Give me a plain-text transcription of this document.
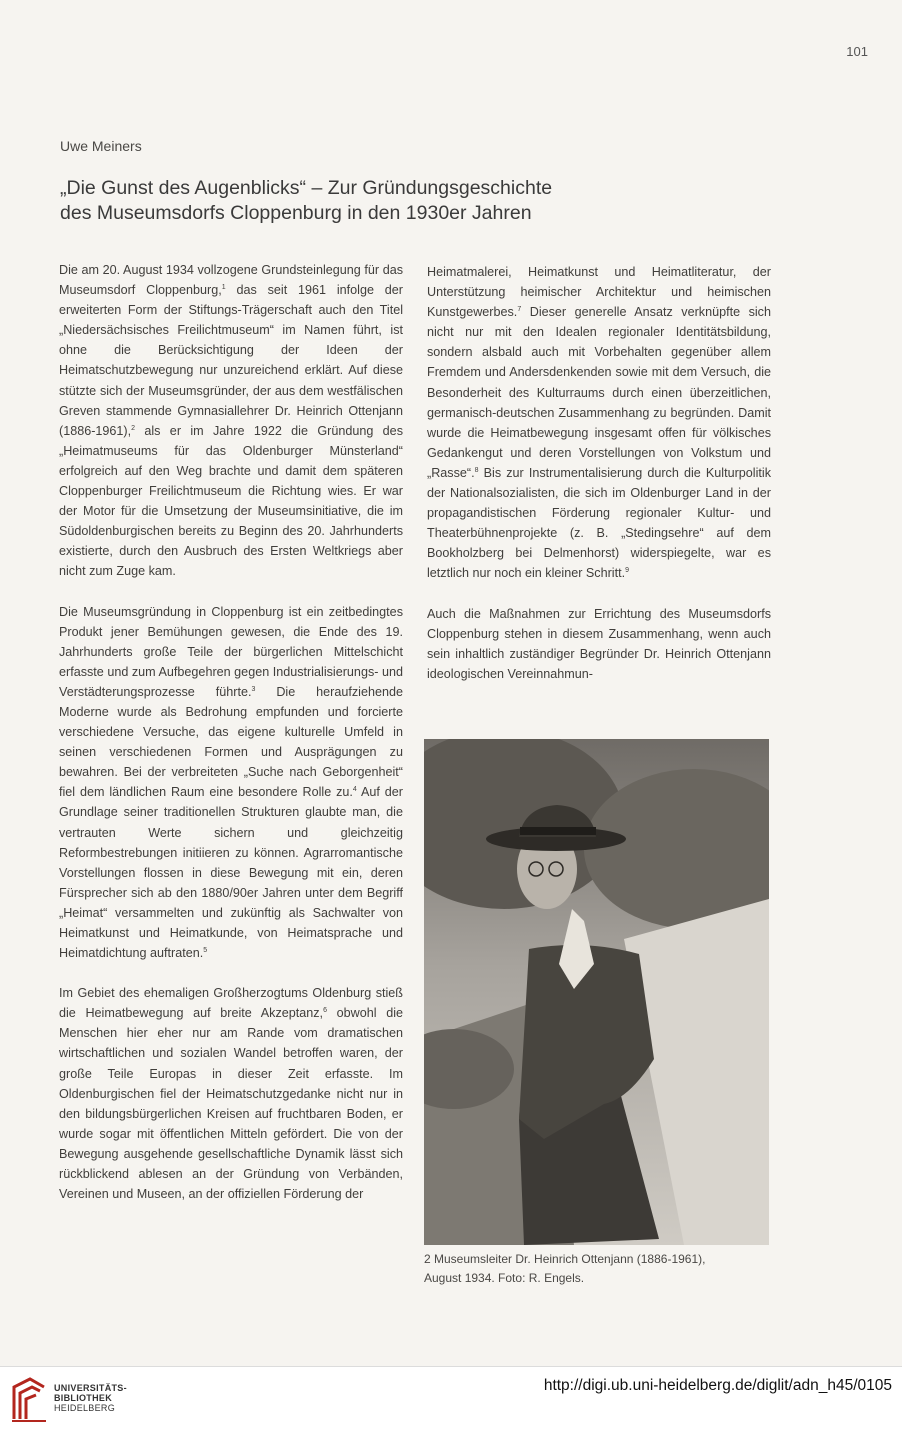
101
Uwe Meiners
„Die Gunst des Augenblicks“ – Zur Gründungsgeschichte
des Museumsdorfs Cloppenburg in den 1930er Jahren

Die am 20. August 1934 vollzogene Grundsteinlegung für das Museumsdorf Cloppenburg,$^1$ das seit 1961 infolge der erweiterten Form der Stiftungs-Trägerschaft auch den Titel „Niedersächsisches Freilichtmuseum“ im Namen führt, ist ohne die Berücksichtigung der Ideen der Heimatschutzbewegung nur unzureichend erklärt. Auf diese stützte sich der Museumsgründer, der aus dem westfälischen Greven stammende Gymnasiallehrer Dr. Heinrich Ottenjann (1886-1961),$^2$ als er im Jahre 1922 die Gründung des „Heimatmuseums für das Oldenburger Münsterland“ erfolgreich auf den Weg brachte und damit dem späteren Cloppenburger Freilichtmuseum die Richtung wies. Er war der Motor für die Umsetzung der Museumsinitiative, die im Südoldenburgischen bereits zu Beginn des 20. Jahrhunderts existierte, durch den Ausbruch des Ersten Weltkriegs aber nicht zum Zuge kam.

Die Museumsgründung in Cloppenburg ist ein zeitbedingtes Produkt jener Bemühungen gewesen, die Ende des 19. Jahrhunderts große Teile der bürgerlichen Mittelschicht erfasste und zum Aufbegehren gegen Industrialisierungs- und Verstädterungsprozesse führte.$^3$ Die heraufziehende Moderne wurde als Bedrohung empfunden und forcierte verschiedene Versuche, das eigene kulturelle Umfeld in seinen verschiedenen Formen und Ausprägungen zu bewahren. Bei der verbreiteten „Suche nach Geborgenheit“ fiel dem ländlichen Raum eine besondere Rolle zu.$^4$ Auf der Grundlage seiner traditionellen Strukturen glaubte man, die vertrauten Werte sichern und gleichzeitig Reformbestrebungen initiieren zu können. Agrarromantische Vorstellungen flossen in diese Bewegung mit ein, deren Fürsprecher sich ab den 1880/90er Jahren unter dem Begriff „Heimat“ versammelten und zukünftig als Sachwalter von Heimatkunst und Heimatkunde, von Heimatsprache und Heimatdichtung auftraten.$^5$

Im Gebiet des ehemaligen Großherzogtums Oldenburg stieß die Heimatbewegung auf breite Akzeptanz,$^6$ obwohl die Menschen hier eher nur am Rande vom dramatischen wirtschaftlichen und sozialen Wandel betroffen waren, der große Teile Europas in dieser Zeit erfasste. Im Oldenburgischen fiel der Heimatschutzgedanke nicht nur in den bildungsbürgerlichen Kreisen auf fruchtbaren Boden, er wurde sogar mit öffentlichen Mitteln gefördert. Die von der Bewegung ausgehende gesellschaftliche Dynamik lässt sich rückblickend ablesen an der Gründung von Verbänden, Vereinen und Museen, an der offiziellen Förderung der

Heimatmalerei, Heimatkunst und Heimatliteratur, der Unterstützung heimischer Architektur und heimischen Kunstgewerbes.$^7$ Dieser generelle Ansatz verknüpfte sich nicht nur mit den Idealen regionaler Identitätsbildung, sondern alsbald auch mit Vorbehalten gegenüber allem Fremdem und Andersdenkenden sowie mit dem Versuch, die Besonderheit des Kulturraums durch einen überzeitlichen, germanisch-deutschen Zusammenhang zu begründen. Damit wurde die Heimatbewegung insgesamt offen für völkisches Gedankengut und deren Vorstellungen von Volkstum und „Rasse“.$^8$ Bis zur Instrumentalisierung durch die Kulturpolitik der Nationalsozialisten, die sich im Oldenburger Land in der propagandistischen Förderung regionaler Kultur- und Theaterbühnenprojekte (z. B. „Stedingsehre“ auf dem Bookholzberg bei Delmenhorst) widerspiegelte, war es letztlich nur noch ein kleiner Schritt.$^9$

Auch die Maßnahmen zur Errichtung des Museumsdorfs Cloppenburg stehen in diesem Zusammenhang, wenn auch sein inhaltlich zuständiger Begründer Dr. Heinrich Ottenjann ideologischen Vereinnahmun-

2 Museumsleiter Dr. Heinrich Ottenjann (1886-1961),
August 1934. Foto: R. Engels.
UNIVERSITÄTS-
BIBLIOTHEK

HEIDELBERG
http://digi.ub.uni-heidelberg.de/diglit/adn_h45/0105
